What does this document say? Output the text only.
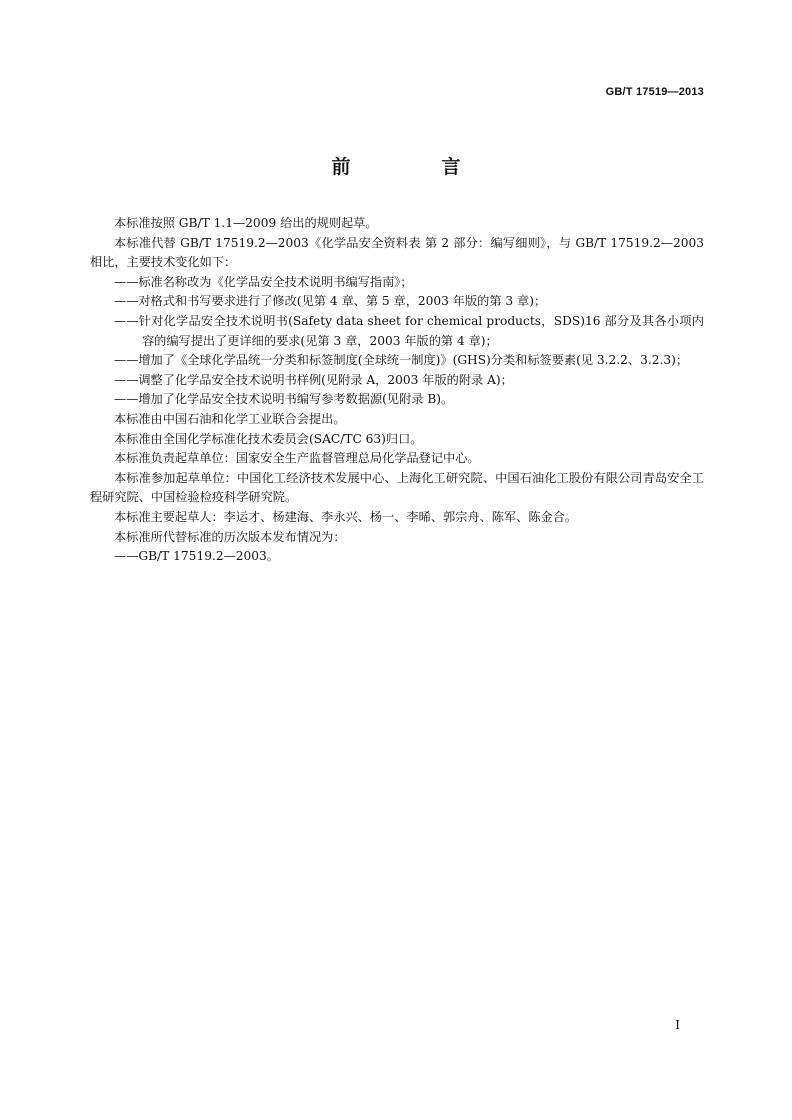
GB/T 17519—2013
前　言

本标准按照 GB/T 1.1—2009 给出的规则起草。

本标准代替 GB/T 17519.2—2003《化学品安全资料表 第 2 部分：编写细则》，与 GB/T 17519.2—2003 相比，主要技术变化如下：

——标准名称改为《化学品安全技术说明书编写指南》；

——对格式和书写要求进行了修改(见第 4 章、第 5 章，2003 年版的第 3 章)；

——针对化学品安全技术说明书(Safety data sheet for chemical products，SDS)16 部分及其各小项内容的编写提出了更详细的要求(见第 3 章，2003 年版的第 4 章)；

——增加了《全球化学品统一分类和标签制度(全球统一制度)》(GHS)分类和标签要素(见 3.2.2、3.2.3)；

——调整了化学品安全技术说明书样例(见附录 A，2003 年版的附录 A)；

——增加了化学品安全技术说明书编写参考数据源(见附录 B)。

本标准由中国石油和化学工业联合会提出。

本标准由全国化学标准化技术委员会(SAC/TC 63)归口。

本标准负责起草单位：国家安全生产监督管理总局化学品登记中心。

本标准参加起草单位：中国化工经济技术发展中心、上海化工研究院、中国石油化工股份有限公司青岛安全工程研究院、中国检验检疫科学研究院。

本标准主要起草人：李运才、杨建海、李永兴、杨一、李晞、郭宗舟、陈军、陈金合。

本标准所代替标准的历次版本发布情况为：

——GB/T 17519.2—2003。

I
